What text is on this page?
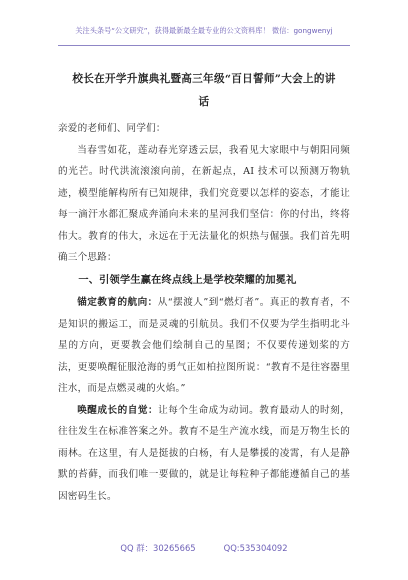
关注头条号“公文研究”，获得最新最全最专业的公文资料库！ 微信：gongwenyj
校长在开学升旗典礼暨高三年级“百日誓师”大会上的讲
话

亲爱的老师们、同学们：

当春雪如花，莲动春光穿透云层，我看见大家眼中与朝阳同频的光芒。时代洪流滚滚向前，在新起点，AI 技术可以预测万物轨迹，模型能解构所有已知规律，我们究竟要以怎样的姿态，才能让每一滴汗水都汇聚成奔涌向未来的星河我们坚信：你的付出，终将伟大。教育的伟大，永远在于无法量化的炽热与倔强。我们首先明确三个思路：

一、引领学生赢在终点线上是学校荣耀的加冕礼

锚定教育的航向：从“摆渡人”到“燃灯者”。真正的教育者，不是知识的搬运工，而是灵魂的引航员。我们不仅要为学生指明北斗星的方向，更要教会他们绘制自己的星图；不仅要传递划桨的方法，更要唤醒征服沧海的勇气正如柏拉图所说：“教育不是往容器里注水，而是点燃灵魂的火焰。”

唤醒成长的自觉：让每个生命成为动词。教育最动人的时刻，往往发生在标准答案之外。教育不是生产流水线，而是万物生长的雨林。在这里，有人是挺拔的白杨，有人是攀援的凌霄，有人是静默的苔藓，而我们唯一要做的，就是让每粒种子都能遵循自己的基因密码生长。

QQ 群：30265665	QQ:535304092
